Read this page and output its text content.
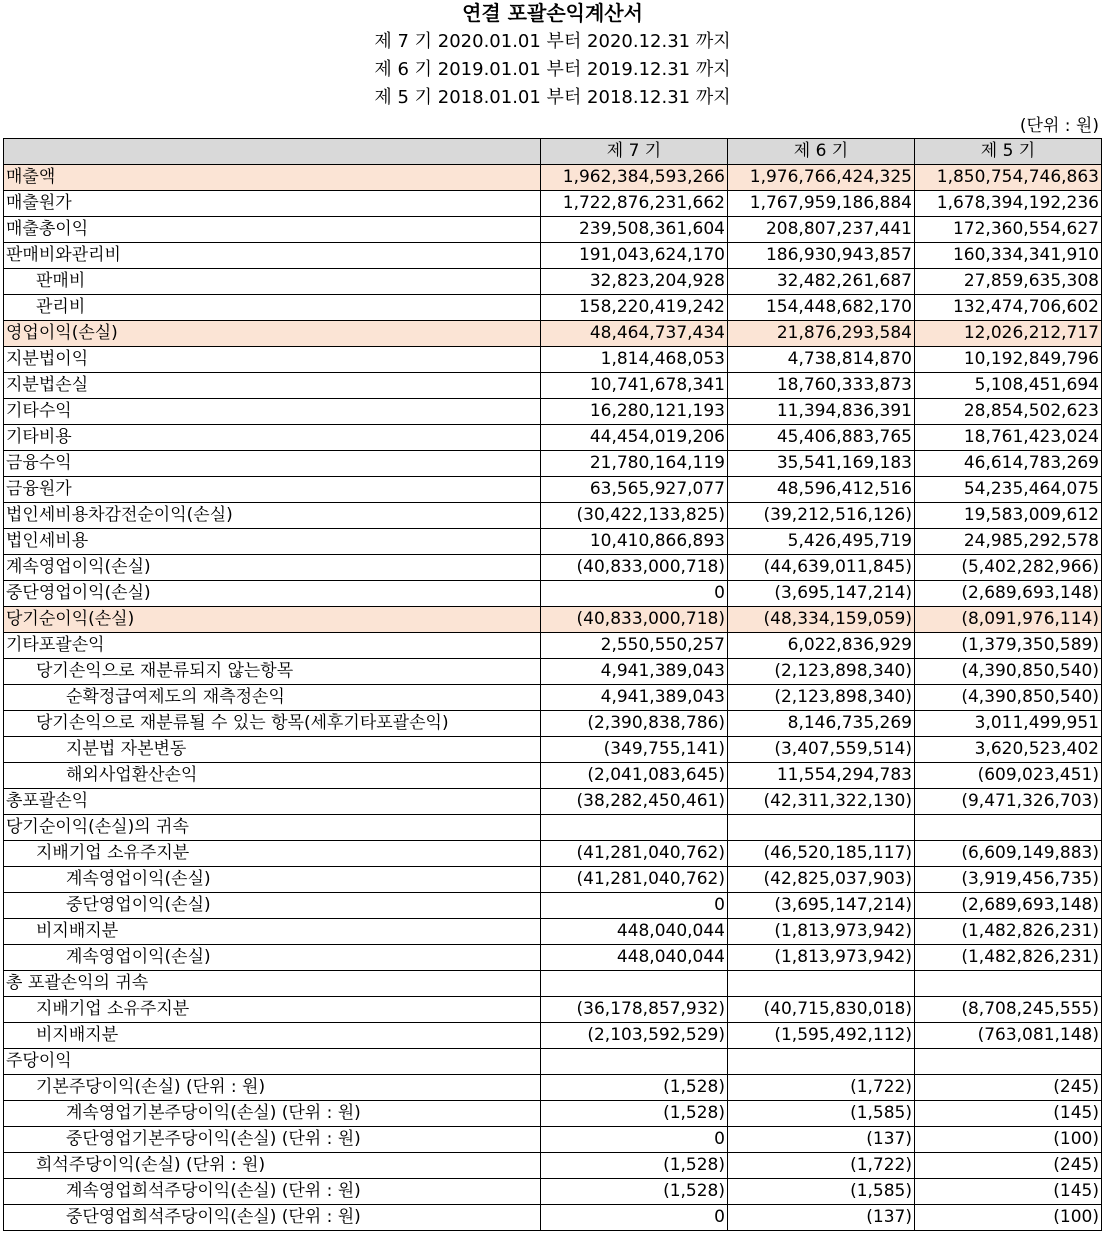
연결 포괄손익계산서
제 7 기 2020.01.01 부터 2020.12.31 까지
제 6 기 2019.01.01 부터 2019.12.31 까지
제 5 기 2018.01.01 부터 2018.12.31 까지
(단위 : 원)
	제 7 기	제 6 기	제 5 기
매출액	1,962,384,593,266	1,976,766,424,325	1,850,754,746,863
매출원가	1,722,876,231,662	1,767,959,186,884	1,678,394,192,236
매출총이익	239,508,361,604	208,807,237,441	172,360,554,627
판매비와관리비	191,043,624,170	186,930,943,857	160,334,341,910
판매비	32,823,204,928	32,482,261,687	27,859,635,308
관리비	158,220,419,242	154,448,682,170	132,474,706,602
영업이익(손실)	48,464,737,434	21,876,293,584	12,026,212,717
지분법이익	1,814,468,053	4,738,814,870	10,192,849,796
지분법손실	10,741,678,341	18,760,333,873	5,108,451,694
기타수익	16,280,121,193	11,394,836,391	28,854,502,623
기타비용	44,454,019,206	45,406,883,765	18,761,423,024
금융수익	21,780,164,119	35,541,169,183	46,614,783,269
금융원가	63,565,927,077	48,596,412,516	54,235,464,075
법인세비용차감전순이익(손실)	(30,422,133,825)	(39,212,516,126)	19,583,009,612
법인세비용	10,410,866,893	5,426,495,719	24,985,292,578
계속영업이익(손실)	(40,833,000,718)	(44,639,011,845)	(5,402,282,966)
중단영업이익(손실)	0	(3,695,147,214)	(2,689,693,148)
당기순이익(손실)	(40,833,000,718)	(48,334,159,059)	(8,091,976,114)
기타포괄손익	2,550,550,257	6,022,836,929	(1,379,350,589)
당기손익으로 재분류되지 않는항목	4,941,389,043	(2,123,898,340)	(4,390,850,540)
순확정급여제도의 재측정손익	4,941,389,043	(2,123,898,340)	(4,390,850,540)
당기손익으로 재분류될 수 있는 항목(세후기타포괄손익)	(2,390,838,786)	8,146,735,269	3,011,499,951
지분법 자본변동	(349,755,141)	(3,407,559,514)	3,620,523,402
해외사업환산손익	(2,041,083,645)	11,554,294,783	(609,023,451)
총포괄손익	(38,282,450,461)	(42,311,322,130)	(9,471,326,703)
당기순이익(손실)의 귀속			
지배기업 소유주지분	(41,281,040,762)	(46,520,185,117)	(6,609,149,883)
계속영업이익(손실)	(41,281,040,762)	(42,825,037,903)	(3,919,456,735)
중단영업이익(손실)	0	(3,695,147,214)	(2,689,693,148)
비지배지분	448,040,044	(1,813,973,942)	(1,482,826,231)
계속영업이익(손실)	448,040,044	(1,813,973,942)	(1,482,826,231)
총 포괄손익의 귀속			
지배기업 소유주지분	(36,178,857,932)	(40,715,830,018)	(8,708,245,555)
비지배지분	(2,103,592,529)	(1,595,492,112)	(763,081,148)
주당이익			
기본주당이익(손실) (단위 : 원)	(1,528)	(1,722)	(245)
계속영업기본주당이익(손실) (단위 : 원)	(1,528)	(1,585)	(145)
중단영업기본주당이익(손실) (단위 : 원)	0	(137)	(100)
희석주당이익(손실) (단위 : 원)	(1,528)	(1,722)	(245)
계속영업희석주당이익(손실) (단위 : 원)	(1,528)	(1,585)	(145)
중단영업희석주당이익(손실) (단위 : 원)	0	(137)	(100)
